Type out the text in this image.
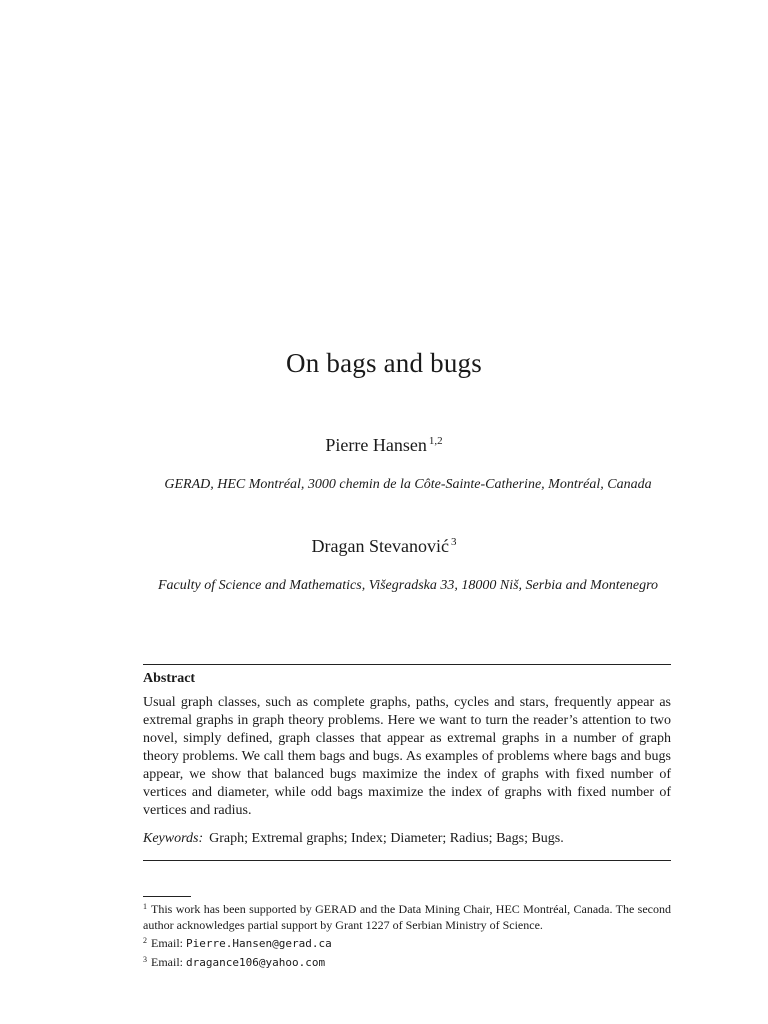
On bags and bugs
Pierre Hansen $^{1,2}$
GERAD, HEC Montréal, 3000 chemin de la Côte-Sainte-Catherine, Montréal, Canada
Dragan Stevanović $^3$
Faculty of Science and Mathematics, Višegradska 33, 18000 Niš, Serbia and Montenegro
Abstract
Usual graph classes, such as complete graphs, paths, cycles and stars, frequently appear as extremal graphs in graph theory problems. Here we want to turn the reader’s attention to two novel, simply defined, graph classes that appear as extremal graphs in a number of graph theory problems. We call them bags and bugs. As examples of problems where bags and bugs appear, we show that balanced bugs maximize the index of graphs with fixed number of vertices and diameter, while odd bags maximize the index of graphs with fixed number of vertices and radius.
Keywords: Graph; Extremal graphs; Index; Diameter; Radius; Bags; Bugs.

$^1$ This work has been supported by GERAD and the Data Mining Chair, HEC Montréal, Canada. The second author acknowledges partial support by Grant 1227 of Serbian Ministry of Science.

$^2$ Email: Pierre.Hansen@gerad.ca

$^3$ Email: dragance106@yahoo.com
